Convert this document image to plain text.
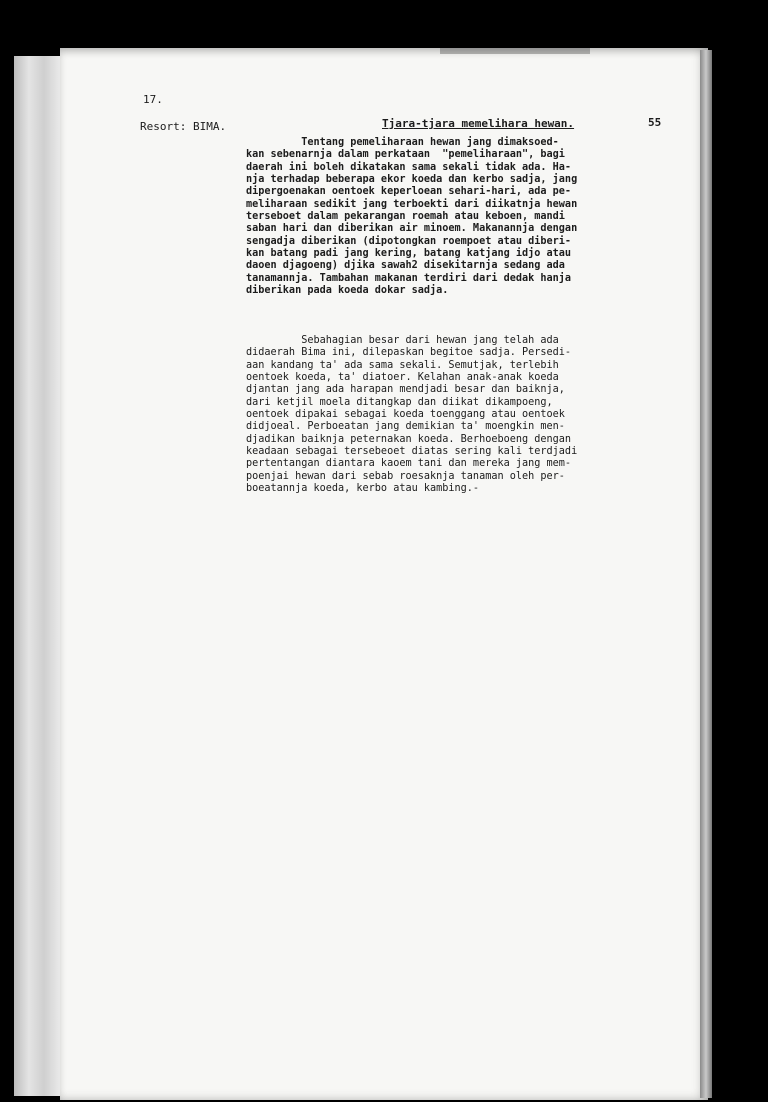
17.
Resort: BIMA.	Tjara-tjara memelihara hewan.	55
Tentang pemeliharaan hewan jang dimaksoed-
kan sebenarnja dalam perkataan  "pemeliharaan", bagi
daerah ini boleh dikatakan sama sekali tidak ada. Ha-
nja terhadap beberapa ekor koeda dan kerbo sadja, jang
dipergoenakan oentoek keperloean sehari-hari, ada pe-
meliharaan sedikit jang terboekti dari diikatnja hewan
terseboet dalam pekarangan roemah atau keboen, mandi
saban hari dan diberikan air minoem. Makanannja dengan
sengadja diberikan (dipotongkan roempoet atau diberi-
kan batang padi jang kering, batang katjang idjo atau
daoen djagoeng) djika sawah2 disekitarnja sedang ada
tanamannja. Tambahan makanan terdiri dari dedak hanja
diberikan pada koeda dokar sadja.
Sebahagian besar dari hewan jang telah ada
didaerah Bima ini, dilepaskan begitoe sadja. Persedi-
aan kandang ta' ada sama sekali. Semutjak, terlebih
oentoek koeda, ta' diatoer. Kelahan anak-anak koeda
djantan jang ada harapan mendjadi besar dan baiknja,
dari ketjil moela ditangkap dan diikat dikampoeng,
oentoek dipakai sebagai koeda toenggang atau oentoek
didjoeal. Perboeatan jang demikian ta' moengkin men-
djadikan baiknja peternakan koeda. Berhoeboeng dengan
keadaan sebagai tersebeoet diatas sering kali terdjadi
pertentangan diantara kaoem tani dan mereka jang mem-
poenjai hewan dari sebab roesaknja tanaman oleh per-
boeatannja koeda, kerbo atau kambing.-
